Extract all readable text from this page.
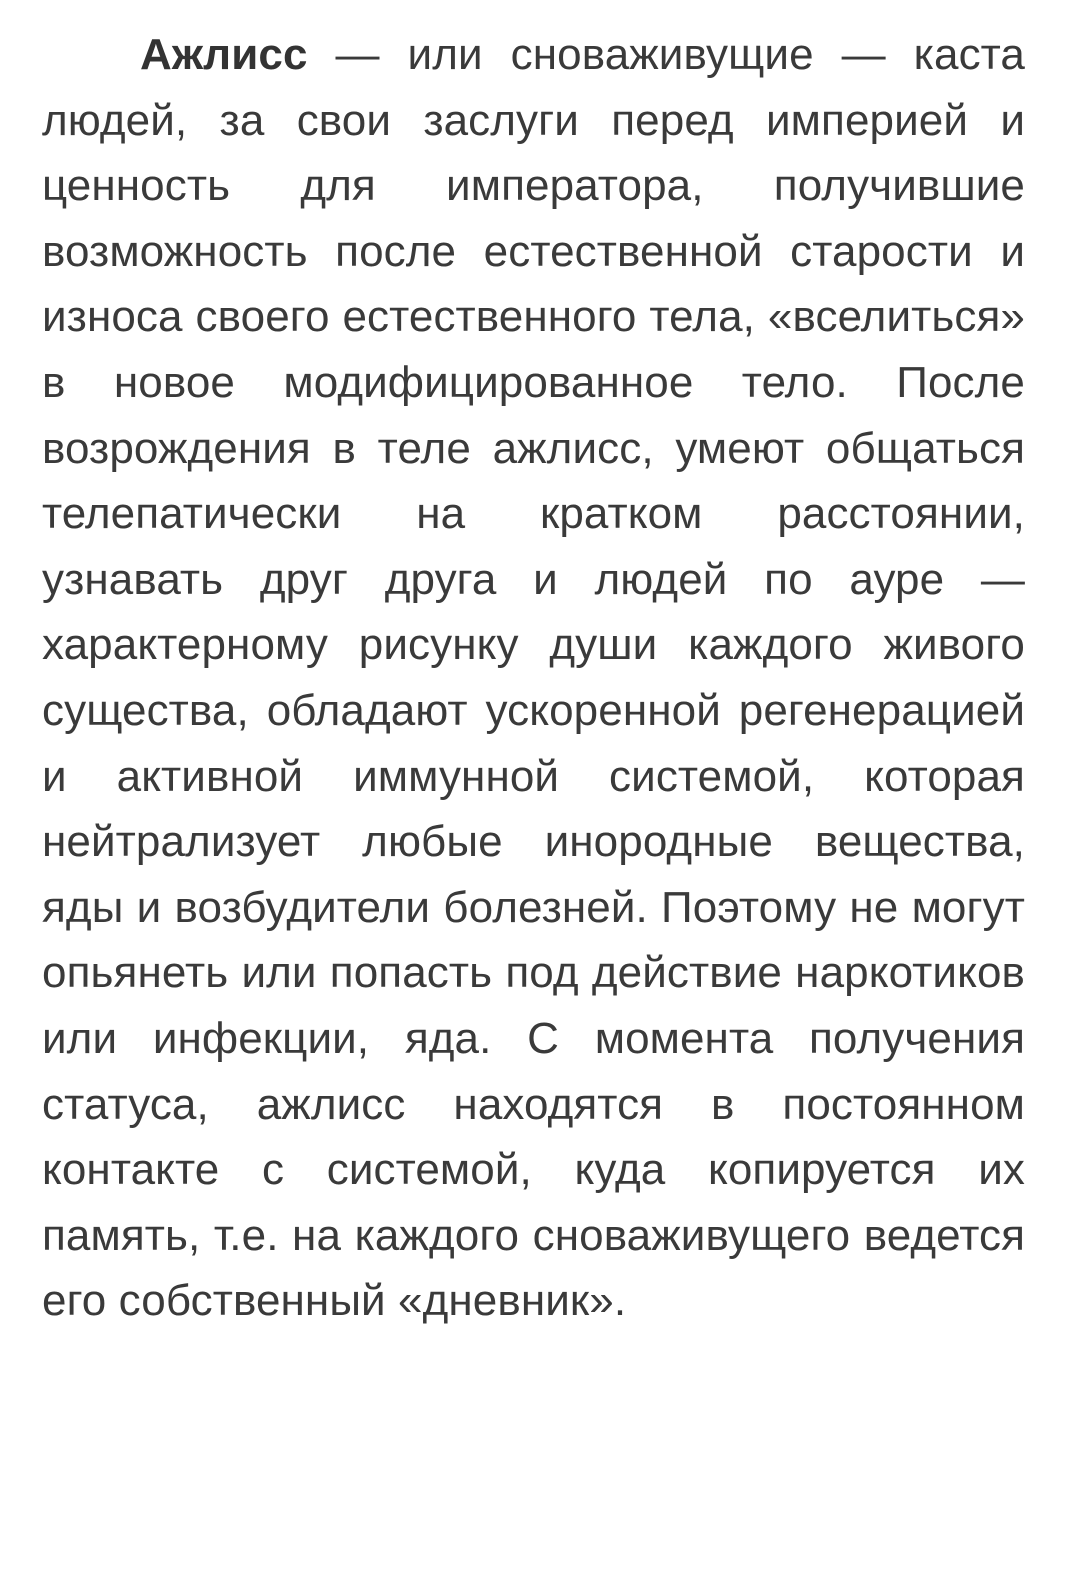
Ажлисс — или сноваживущие — каста людей, за свои заслуги перед империей и ценность для императора, получившие возможность после естественной старости и износа своего естественного тела, «вселиться» в новое модифицированное тело. После возрождения в теле ажлисс, умеют общаться телепатически на кратком расстоянии, узнавать друг друга и людей по ауре — характерному рисунку души каждого живого существа, обладают ускоренной регенерацией и активной иммунной системой, которая нейтрализует любые инородные вещества, яды и возбудители болезней. Поэтому не могут опьянеть или попасть под действие наркотиков или инфекции, яда. С момента получения статуса, ажлисс находятся в постоянном контакте с системой, куда копируется их память, т.е. на каждого сноваживущего ведется его собственный «дневник».
